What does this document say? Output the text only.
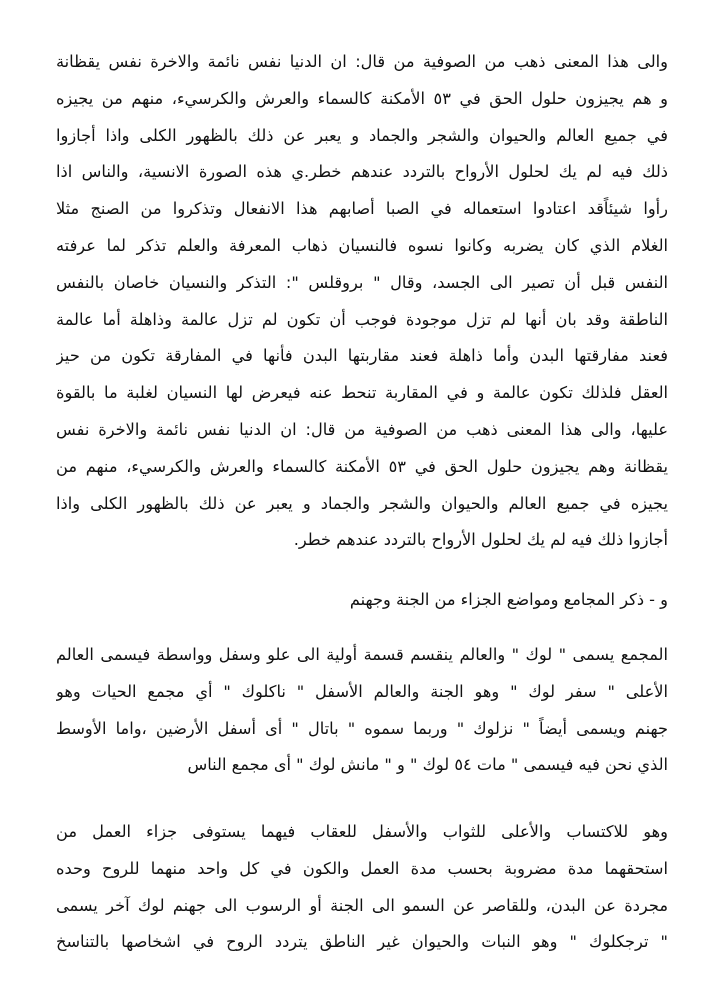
والى هذا المعنى ذهب من الصوفية من قال: ان الدنيا نفس نائمة والاخرة نفس يقظانة
و هم يجيزون حلول الحق في ٥٣ الأمكنة كالسماء والعرش والكرسيء، منهم من يجيزه
في جميع العالم والحيوان والشجر والجماد و يعبر عن ذلك بالظهور الكلى واذا أجازوا
ذلك فيه لم يك لحلول الأرواح بالتردد عندهم خطر.ي هذه الصورة الانسية، والناس اذا
رأوا شيئاًقد اعتادوا استعماله في الصبا أصابهم هذا الانفعال وتذكروا من الصنج مثلا
الغلام الذي كان يضربه وكانوا نسوه فالنسيان ذهاب المعرفة والعلم تذكر لما عرفته
النفس قبل أن تصير الى الجسد، وقال " بروقلس ": التذكر والنسيان خاصان بالنفس
الناطقة وقد بان أنها لم تزل موجودة فوجب أن تكون لم تزل عالمة وذاهلة أما عالمة
فعند مفارقتها البدن وأما ذاهلة فعند مقاربتها البدن فأنها في المفارقة تكون من حيز
العقل فلذلك تكون عالمة و في المقاربة تنحط عنه فيعرض لها النسيان لغلبة ما بالقوة
عليها، والى هذا المعنى ذهب من الصوفية من قال: ان الدنيا نفس نائمة والاخرة نفس
يقظانة وهم يجيزون حلول الحق في ٥٣ الأمكنة كالسماء والعرش والكرسيء، منهم من
يجيزه في جميع العالم والحيوان والشجر والجماد و يعبر عن ذلك بالظهور الكلى واذا
أجازوا ذلك فيه لم يك لحلول الأرواح بالتردد عندهم خطر.
و - ذكر المجامع ومواضع الجزاء من الجنة وجهنم
المجمع يسمى " لوك " والعالم ينقسم قسمة أولية الى علو وسفل وواسطة فيسمى العالم
الأعلى " سفر لوك " وهو الجنة والعالم الأسفل " ناكلوك " أي مجمع الحيات وهو
جهنم ويسمى أيضاً " نزلوك " وربما سموه " باتال " أى أسفل الأرضين ،واما الأوسط
الذي نحن فيه فيسمى " مات ٥٤ لوك " و " مانش لوك " أى مجمع الناس
وهو للاكتساب والأعلى للثواب والأسفل للعقاب فيهما يستوفى جزاء العمل من
استحقهما مدة مضروبة بحسب مدة العمل والكون في كل واحد منهما للروح وحده
مجردة عن البدن، وللقاصر عن السمو الى الجنة أو الرسوب الى جهنم لوك آخر يسمى
" ترجكلوك " وهو النبات والحيوان غير الناطق يتردد الروح في اشخاصها بالتناسخ
